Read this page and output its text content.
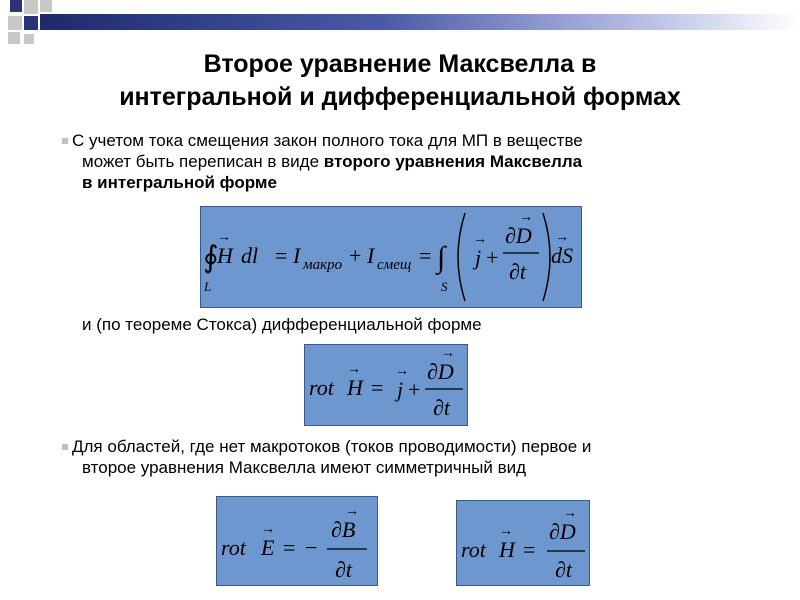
Второе уравнение Максвелла в
интегральной и дифференциальной формах
С учетом тока смещения закон полного тока для МП в веществе
может быть переписан в виде второго уравнения Максвелла
в интегральной форме
∮
L
H
→
dl = I макро + I смещ = ∫
S
j
→
+
∂D
→
∂t
dS
→
и (по теореме Стокса) дифференциальной форме
rot H
→
= j
→
+
∂D
→
∂t
Для областей, где нет макротоков (токов проводимости) первое и
второе уравнения Максвелла имеют симметричный вид
rot E
→
= −
∂B
→
∂t
rot H
→
=
∂D
→
∂t
